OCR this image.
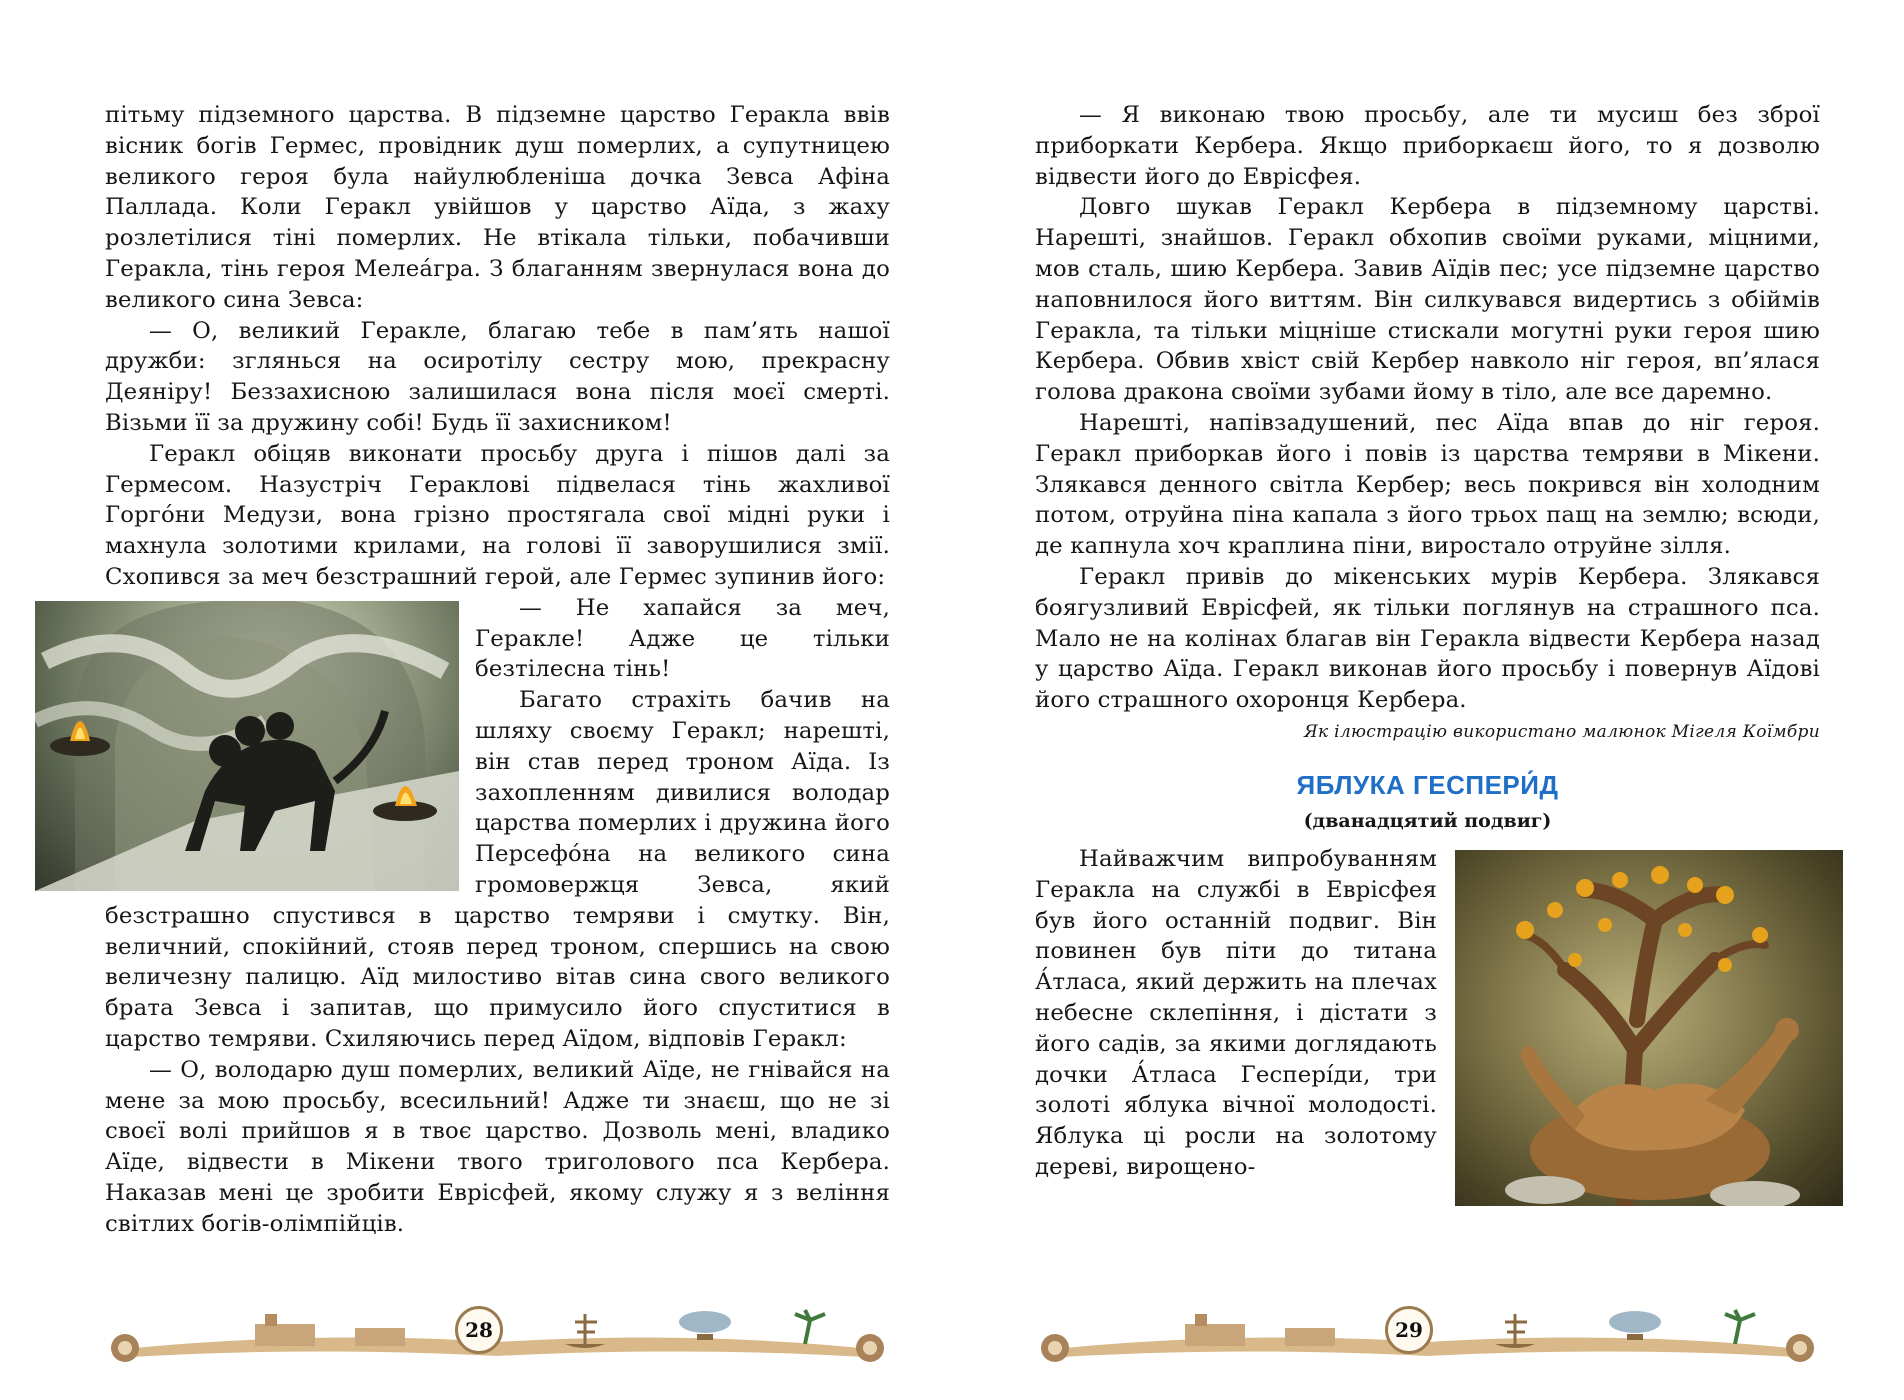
пітьму підземного царства. В підземне царство Геракла ввів вісник богів Гермес, провідник душ померлих, а супутницею великого героя була найулюбленіша дочка Зевса Афіна Паллада. Коли Геракл увійшов у царство Аїда, з жаху розлетілися тіні померлих. Не втікала тільки, побачивши Геракла, тінь героя Мелеáгра. З благанням звернулася вона до великого сина Зевса:

— О, великий Геракле, благаю тебе в пам’ять нашої дружби: зглянься на осиротілу сестру мою, прекрасну Деяніру! Беззахисною залишилася вона після моєї смерті. Візьми її за дружину собі! Будь її захисником!

Геракл обіцяв виконати просьбу друга і пішов далі за Гермесом. Назустріч Гераклові підвелася тінь жахливої Горгóни Медузи, вона грізно простягала свої мідні руки і махнула золотими крилами, на голові її заворушилися змії. Схопився за меч безстрашний герой, але Гермес зупинив його:

— Не хапайся за меч, Геракле! Адже це тільки безтілесна тінь!

Багато страхіть бачив на шляху своєму Геракл; нарешті, він став перед троном Аїда. Із захопленням дивилися володар царства померлих і дружина його Персефóна на великого сина громовержця Зевса, який безстрашно спустився в царство темряви і смутку. Він, величний, спокійний, стояв перед троном, спершись на свою величезну палицю. Аїд милостиво вітав сина свого великого брата Зевса і запитав, що примусило його спуститися в царство темряви. Схиляючись перед Аїдом, відповів Геракл:

— О, володарю душ померлих, великий Аїде, не гнівайся на мене за мою просьбу, всесильний! Адже ти знаєш, що не зі своєї волі прийшов я в твоє царство. Дозволь мені, владико Аїде, відвести в Мікени твого триголового пса Кербера. Наказав мені це зробити Еврісфей, якому служу я з веління світлих богів-олімпійців.

28

— Я виконаю твою просьбу, але ти мусиш без зброї приборкати Кербера. Якщо приборкаєш його, то я дозволю відвести його до Еврісфея.

Довго шукав Геракл Кербера в підземному царстві. Нарешті, знайшов. Геракл обхопив своїми руками, міцними, мов сталь, шию Кербера. Завив Аїдів пес; усе підземне царство наповнилося його виттям. Він силкувався видертись з обіймів Геракла, та тільки міцніше стискали могутні руки героя шию Кербера. Обвив хвіст свій Кербер навколо ніг героя, вп’ялася голова дракона своїми зубами йому в тіло, але все даремно.

Нарешті, напівзадушений, пес Аїда впав до ніг героя. Геракл приборкав його і повів із царства темряви в Мікени. Злякався денного світла Кербер; весь покрився він холодним потом, отруйна піна капала з його трьох пащ на землю; всюди, де капнула хоч краплина піни, виростало отруйне зілля.

Геракл привів до мікенських мурів Кербера. Злякався боягузливий Еврісфей, як тільки поглянув на страшного пса. Мало не на колінах благав він Геракла відвести Кербера назад у царство Аїда. Геракл виконав його просьбу і повернув Аїдові його страшного охоронця Кербера.

Як ілюстрацію використано малюнок Мігеля Коїмбри

ЯБЛУКА ГЕСПЕРИ́Д
(дванадцятий подвиг)

Найважчим випробуванням Геракла на службі в Еврісфея був його останній подвиг. Він повинен був піти до титана А́тласа, який держить на плечах небесне склепіння, і дістати з його садів, за якими доглядають дочки А́тласа Гесперíди, три золоті яблука вічної молодості. Яблука ці росли на золотому дереві, вирощено-

29
